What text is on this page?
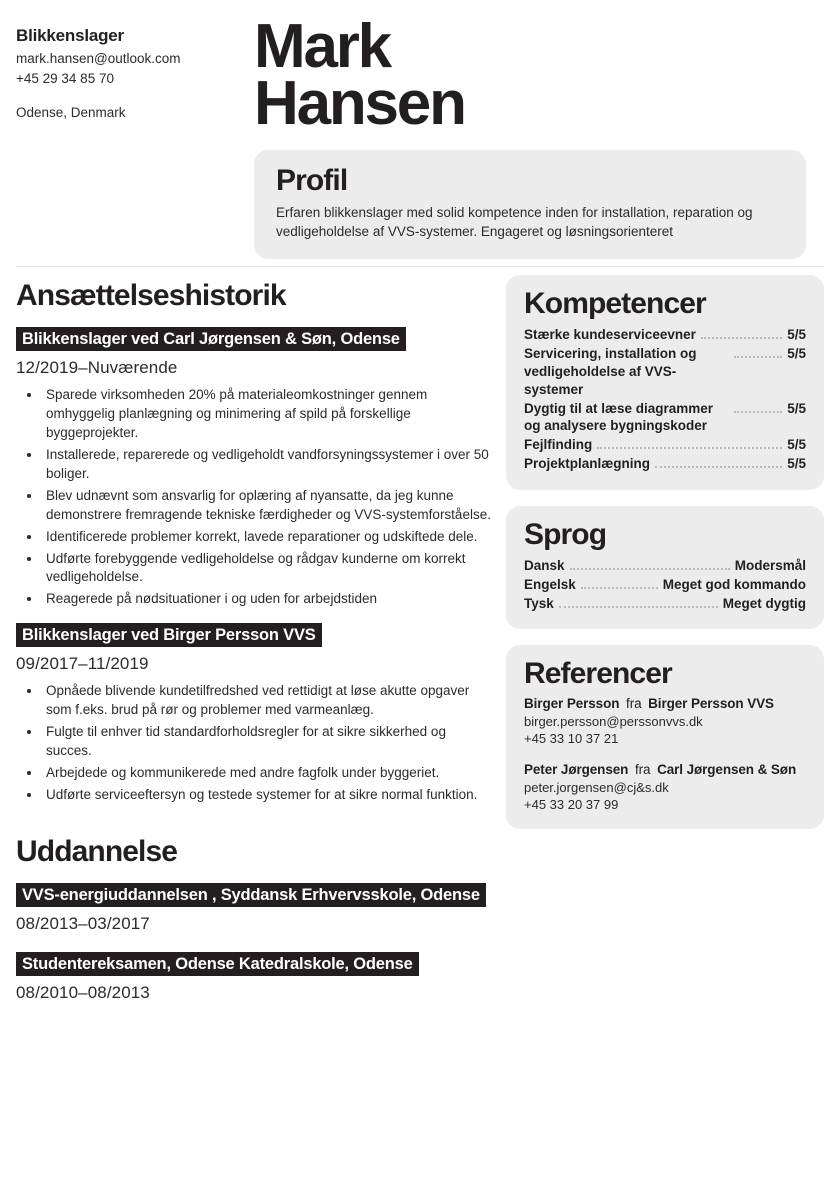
Blikkenslager
mark.hansen@outlook.com
+45 29 34 85 70
Odense, Denmark
Mark
Hansen
Profil
Erfaren blikkenslager med solid kompetence inden for installation, reparation og vedligeholdelse af VVS-systemer. Engageret og løsningsorienteret
Ansættelseshistorik
Blikkenslager ved Carl Jørgensen & Søn, Odense
12/2019–Nuværende
• Sparede virksomheden 20% på materialeomkostninger gennem omhyggelig planlægning og minimering af spild på forskellige byggeprojekter.
• Installerede, reparerede og vedligeholdt vandforsyningssystemer i over 50 boliger.
• Blev udnævnt som ansvarlig for oplæring af nyansatte, da jeg kunne demonstrere fremragende tekniske færdigheder og VVS-systemforståelse.
• Identificerede problemer korrekt, lavede reparationer og udskiftede dele.
• Udførte forebyggende vedligeholdelse og rådgav kunderne om korrekt vedligeholdelse.
• Reagerede på nødsituationer i og uden for arbejdstiden
Blikkenslager ved Birger Persson VVS
09/2017–11/2019
• Opnåede blivende kundetilfredshed ved rettidigt at løse akutte opgaver som f.eks. brud på rør og problemer med varmeanlæg.
• Fulgte til enhver tid standardforholdsregler for at sikre sikkerhed og succes.
• Arbejdede og kommunikerede med andre fagfolk under byggeriet.
• Udførte serviceeftersyn og testede systemer for at sikre normal funktion.
Uddannelse
VVS-energiuddannelsen , Syddansk Erhvervsskole, Odense
08/2013–03/2017
Studentereksamen, Odense Katedralskole, Odense
08/2010–08/2013
Kompetencer
Stærke kundeserviceevner	5/5
Servicering, installation og vedligeholdelse af VVS-systemer
5/5
Dygtig til at læse diagrammer og analysere bygningskoder
5/5
Fejlfinding	5/5
Projektplanlægning	5/5
Sprog
Dansk	Modersmål
Engelsk	Meget god kommando
Tysk	Meget dygtig
Referencer
Birger Persson fra Birger Persson VVS
birger.persson@perssonvvs.dk
+45 33 10 37 21
Peter Jørgensen fra Carl Jørgensen & Søn
peter.jorgensen@cj&s.dk
+45 33 20 37 99
